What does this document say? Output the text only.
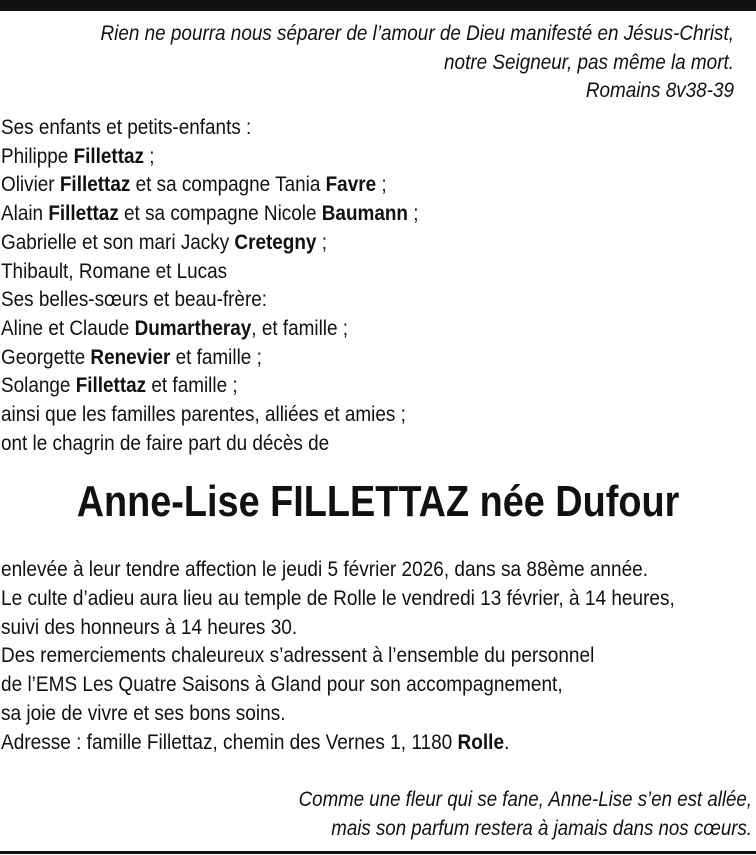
Rien ne pourra nous séparer de l’amour de Dieu manifesté en Jésus-Christ,
notre Seigneur, pas même la mort.
Romains 8v38-39
Ses enfants et petits-enfants :
Philippe Fillettaz ;
Olivier Fillettaz et sa compagne Tania Favre ;
Alain Fillettaz et sa compagne Nicole Baumann ;
Gabrielle et son mari Jacky Cretegny ;
Thibault, Romane et Lucas
Ses belles-sœurs et beau-frère:
Aline et Claude Dumartheray, et famille ;
Georgette Renevier et famille ;
Solange Fillettaz et famille ;
ainsi que les familles parentes, alliées et amies ;
ont le chagrin de faire part du décès de
Anne-Lise FILLETTAZ née Dufour
enlevée à leur tendre affection le jeudi 5 février 2026, dans sa 88ème année.
Le culte d’adieu aura lieu au temple de Rolle le vendredi 13 février, à 14 heures,
suivi des honneurs à 14 heures 30.
Des remerciements chaleureux s’adressent à l’ensemble du personnel
de l’EMS Les Quatre Saisons à Gland pour son accompagnement,
sa joie de vivre et ses bons soins.
Adresse : famille Fillettaz, chemin des Vernes 1, 1180 Rolle.
Comme une fleur qui se fane, Anne-Lise s’en est allée,
mais son parfum restera à jamais dans nos cœurs.
